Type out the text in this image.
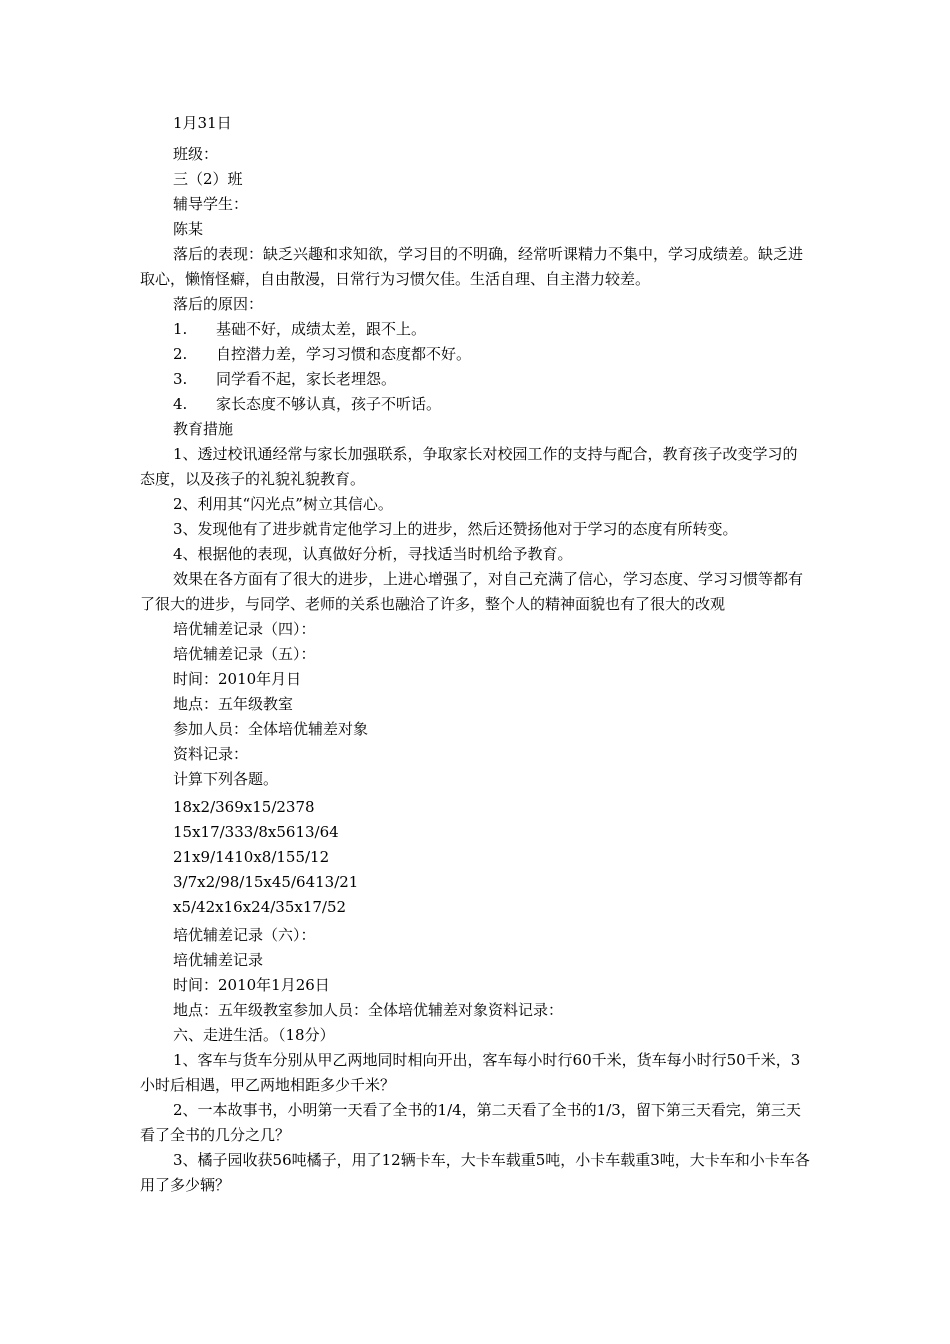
1月31日

班级：

三（2）班

辅导学生：

陈某

落后的表现：缺乏兴趣和求知欲，学习目的不明确，经常听课精力不集中，学习成绩差。缺乏进取心，懒惰怪癖，自由散漫，日常行为习惯欠佳。生活自理、自主潜力较差。

落后的原因：

1. 基础不好，成绩太差，跟不上。

2. 自控潜力差，学习习惯和态度都不好。

3. 同学看不起，家长老埋怨。

4. 家长态度不够认真，孩子不听话。

教育措施

1、透过校讯通经常与家长加强联系，争取家长对校园工作的支持与配合，教育孩子改变学习的态度，以及孩子的礼貌礼貌教育。

2、利用其“闪光点”树立其信心。

3、发现他有了进步就肯定他学习上的进步，然后还赞扬他对于学习的态度有所转变。

4、根据他的表现，认真做好分析，寻找适当时机给予教育。

效果在各方面有了很大的进步，上进心增强了，对自己充满了信心，学习态度、学习习惯等都有了很大的进步，与同学、老师的关系也融洽了许多，整个人的精神面貌也有了很大的改观

培优辅差记录（四）：

培优辅差记录（五）：

时间：2010年月日

地点：五年级教室

参加人员：全体培优辅差对象

资料记录：

计算下列各题。

18x2/369x15/2378

15x17/333/8x5613/64

21x9/1410x8/155/12

3/7x2/98/15x45/6413/21

x5/42x16x24/35x17/52

培优辅差记录（六）：

培优辅差记录

时间：2010年1月26日

地点：五年级教室参加人员：全体培优辅差对象资料记录：

六、走进生活。（18分）

1、客车与货车分别从甲乙两地同时相向开出，客车每小时行60千米，货车每小时行50千米，3小时后相遇，甲乙两地相距多少千米？

2、一本故事书，小明第一天看了全书的1/4，第二天看了全书的1/3，留下第三天看完，第三天看了全书的几分之几？

3、橘子园收获56吨橘子，用了12辆卡车，大卡车载重5吨，小卡车载重3吨，大卡车和小卡车各用了多少辆？
